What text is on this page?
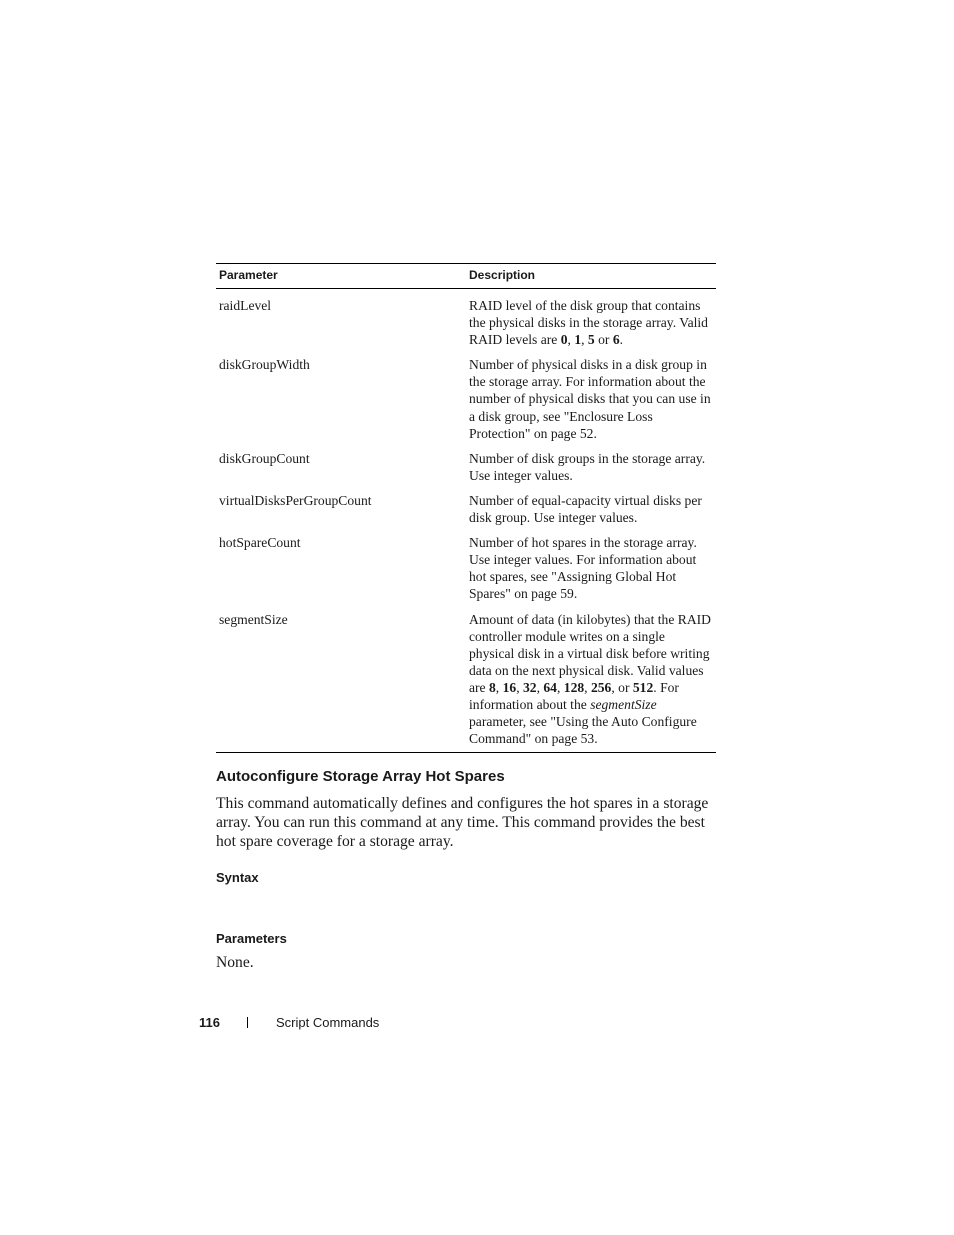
Parameter	Description
raidLevel	RAID level of the disk group that contains the physical disks in the storage array. Valid RAID levels are 0, 1, 5 or 6.
diskGroupWidth	Number of physical disks in a disk group in the storage array. For information about the number of physical disks that you can use in a disk group, see "Enclosure Loss Protection" on page 52.
diskGroupCount	Number of disk groups in the storage array. Use integer values.
virtualDisksPerGroupCount	Number of equal-capacity virtual disks per disk group. Use integer values.
hotSpareCount	Number of hot spares in the storage array. Use integer values. For information about hot spares, see "Assigning Global Hot Spares" on page 59.
segmentSize	Amount of data (in kilobytes) that the RAID controller module writes on a single physical disk in a virtual disk before writing data on the next physical disk. Valid values are 8, 16, 32, 64, 128, 256, or 512. For information about the segmentSize parameter, see "Using the Auto Configure Command" on page 53.
Autoconfigure Storage Array Hot Spares

This command automatically defines and configures the hot spares in a storage array. You can run this command at any time. This command provides the best hot spare coverage for a storage array.

Syntax
Parameters

None.

116	Script Commands
